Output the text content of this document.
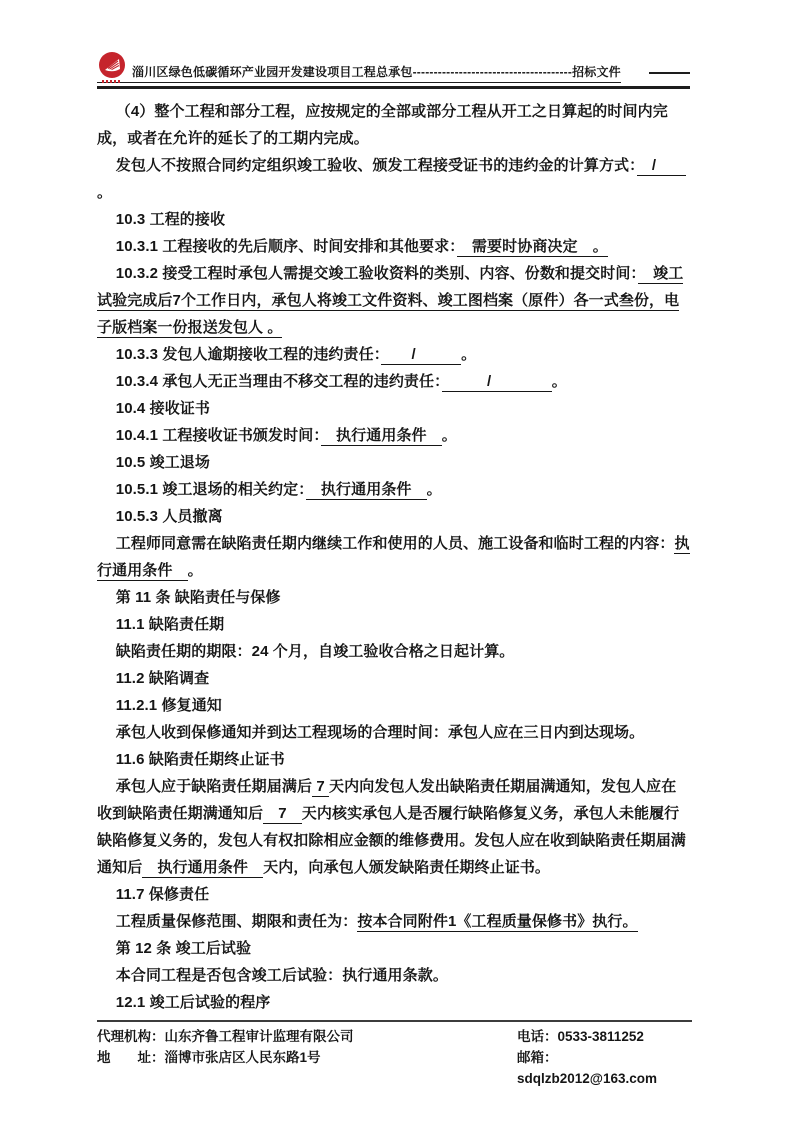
淄川区绿色低碳循环产业园开发建设项目工程总承包--------------------------------------招标文件

（4）整个工程和部分工程，应按规定的全部或部分工程从开工之日算起的时间内完成，或者在允许的延长了的工期内完成。

发包人不按照合同约定组织竣工验收、颁发工程接受证书的违约金的计算方式：　/　　。

10.3 工程的接收

10.3.1 工程接收的先后顺序、时间安排和其他要求：　需要时协商决定　。

10.3.2 接受工程时承包人需提交竣工验收资料的类别、内容、份数和提交时间：　竣工试验完成后7个工作日内，承包人将竣工文件资料、竣工图档案（原件）各一式叁份，电子版档案一份报送发包人 。

10.3.3 发包人逾期接收工程的违约责任：　　/　　　。

10.3.4 承包人无正当理由不移交工程的违约责任：　　　/　　　　。

10.4 接收证书

10.4.1 工程接收证书颁发时间：　执行通用条件　。

10.5 竣工退场

10.5.1 竣工退场的相关约定：　执行通用条件　。

10.5.3 人员撤离

工程师同意需在缺陷责任期内继续工作和使用的人员、施工设备和临时工程的内容：执行通用条件　。

第 11 条 缺陷责任与保修

11.1 缺陷责任期

缺陷责任期的期限：24 个月，自竣工验收合格之日起计算。

11.2 缺陷调查

11.2.1 修复通知

承包人收到保修通知并到达工程现场的合理时间：承包人应在三日内到达现场。

11.6 缺陷责任期终止证书

承包人应于缺陷责任期届满后 7 天内向发包人发出缺陷责任期届满通知，发包人应在收到缺陷责任期满通知后　7　天内核实承包人是否履行缺陷修复义务，承包人未能履行缺陷修复义务的，发包人有权扣除相应金额的维修费用。发包人应在收到缺陷责任期届满通知后　执行通用条件　天内，向承包人颁发缺陷责任期终止证书。

11.7 保修责任

工程质量保修范围、期限和责任为：按本合同附件1《工程质量保修书》执行。

第 12 条 竣工后试验

本合同工程是否包含竣工后试验：执行通用条款。

12.1 竣工后试验的程序

代理机构：山东齐鲁工程审计监理有限公司	电话：0533-3811252
地　　址：淄博市张店区人民东路1号	邮箱：sdqlzb2012@163.com
